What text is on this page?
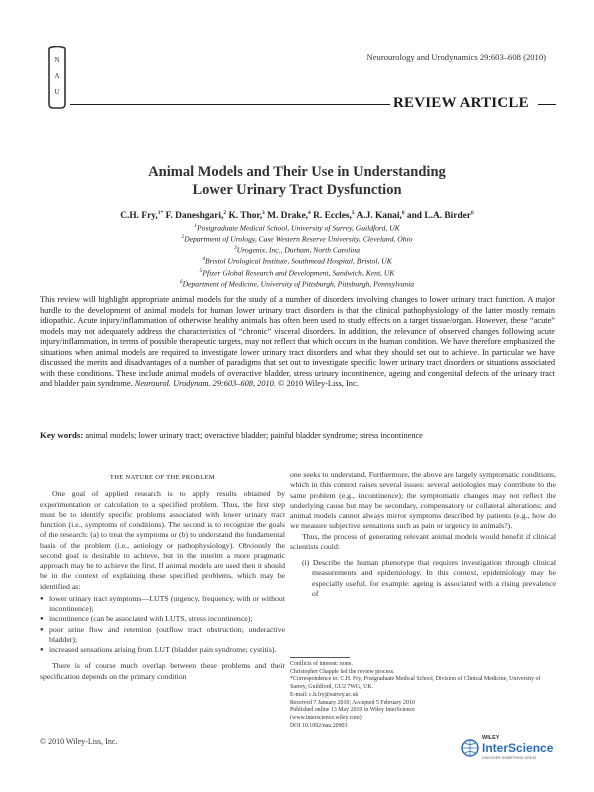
Neurourology and Urodynamics 29:603–608 (2010)
N
A
U
REVIEW ARTICLE
Animal Models and Their Use in Understanding
Lower Urinary Tract Dysfunction
C.H. Fry,$^{1*}$ F. Daneshgari,$^2$ K. Thor,$^3$ M. Drake,$^4$ R. Eccles,$^5$ A.J. Kanai,$^6$ and L.A. Birder$^6$
$^1$Postgraduate Medical School, University of Surrey, Guildford, UK
$^2$Department of Urology, Case Western Reserve University, Cleveland, Ohio
$^3$Urogenix, Inc., Durham, North Carolina
$^4$Bristol Urological Institute, Southmead Hospital, Bristol, UK
$^5$Pfizer Global Research and Development, Sandwich, Kent, UK
$^6$Department of Medicine, University of Pittsburgh, Pittsburgh, Pennsylvania
This review will highlight appropriate animal models for the study of a number of disorders involving changes to lower urinary tract function. A major hurdle to the development of animal models for human lower urinary tract disorders is that the clinical pathophysiology of the latter mostly remain idiopathic. Acute injury/inflammation of otherwise healthy animals has often been used to study effects on a target tissue/organ. However, these “acute” models may not adequately address the characteristics of “chronic” visceral disorders. In addition, the relevance of observed changes following acute injury/inflammation, in terms of possible therapeutic targets, may not reflect that which occurs in the human condition. We have therefore emphasized the situations when animal models are required to investigate lower urinary tract disorders and what they should set out to achieve. In particular we have discussed the merits and disadvantages of a number of paradigms that set out to investigate specific lower urinary tract disorders or situations associated with these conditions. These include animal models of overactive bladder, stress urinary incontinence, ageing and congenital defects of the urinary tract and bladder pain syndrome. Neurourol. Urodynam. 29:603–608, 2010. © 2010 Wiley-Liss, Inc.
Key words: animal models; lower urinary tract; overactive bladder; painful bladder syndrome; stress incontinence
THE NATURE OF THE PROBLEM
One goal of applied research is to apply results obtained by experimentation or calculation to a specified problem. Thus, the first step must be to identify specific problems associated with lower urinary tract function (i.e., symptoms of conditions). The second is to recognize the goals of the research: (a) to treat the symptoms or (b) to understand the fundamental basis of the problem (i.e., aetiology or pathophysiology). Obviously the second goal is desirable to achieve, but in the interim a more pragmatic approach may be to achieve the first. If animal models are used then it should be in the context of explaining these specified problems, which may be identified as:
● lower urinary tract symptoms—LUTS (urgency, frequency, with or without incontinence);
● incontinence (can be associated with LUTS, stress incontinence);
● poor urine flow and retention (outflow tract obstruction; underactive bladder);
● increased sensations arising from LUT (bladder pain syndrome; cystitis).
There is of course much overlap between these problems and their specification depends on the primary condition
one seeks to understand. Furthermore, the above are largely symptomatic conditions, which in this context raises several issues: several aetiologies may contribute to the same problem (e.g., incontinence); the symptomatic changes may not reflect the underlying cause but may be secondary, compensatory or collateral alterations; and animal models cannot always mirror symptoms described by patients (e.g., how do we measure subjective sensations such as pain or urgency in animals?).
Thus, the process of generating relevant animal models would benefit if clinical scientists could:
(i) Describe the human phenotype that requires investigation through clinical measurements and epidemiology. In this context, epidemiology may be especially useful, for example: ageing is associated with a rising prevalence of
Conflicts of interest: none.
Christopher Chapple led the review process.
*Correspondence to: C.H. Fry, Postgraduate Medical School, Division of Clinical Medicine, University of Surrey, Guildford, GU2 7WG, UK.
E-mail: c.h.fry@surrey.ac.uk
Received 7 January 2010; Accepted 5 February 2010
Published online 13 May 2010 in Wiley InterScience
(www.interscience.wiley.com)
DOI 10.1002/nau.20903
© 2010 Wiley-Liss, Inc.	WILEY
InterScience
DISCOVER SOMETHING GREAT
